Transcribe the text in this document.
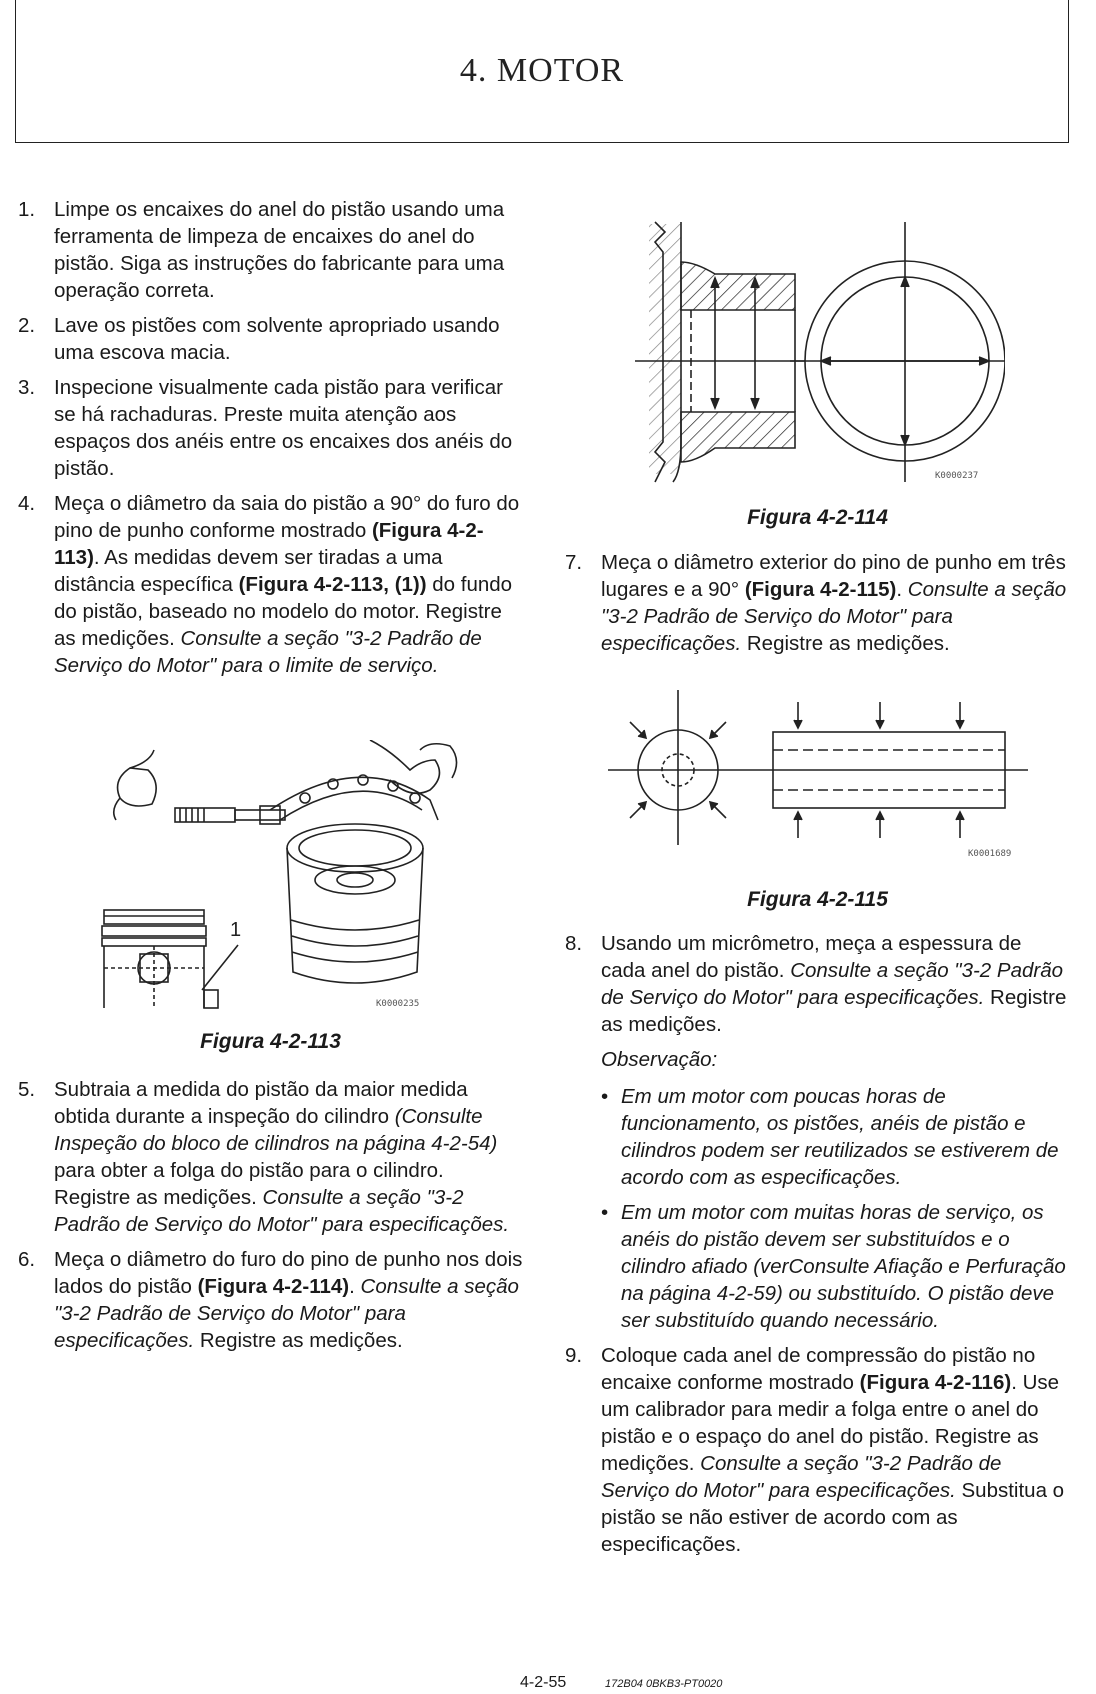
4. MOTOR
1. Limpe os encaixes do anel do pistão usando uma ferramenta de limpeza de encaixes do anel do pistão. Siga as instruções do fabricante para uma operação correta.
2. Lave os pistões com solvente apropriado usando uma escova macia.
3. Inspecione visualmente cada pistão para verificar se há rachaduras. Preste muita atenção aos espaços dos anéis entre os encaixes dos anéis do pistão.
4. Meça o diâmetro da saia do pistão a 90° do furo do pino de punho conforme mostrado (Figura 4-2-113). As medidas devem ser tiradas a uma distância específica (Figura 4-2-113, (1)) do fundo do pistão, baseado no modelo do motor. Registre as medições. Consulte a seção "3-2 Padrão de Serviço do Motor" para o limite de serviço.
1
K0000235
Figura 4-2-113
5. Subtraia a medida do pistão da maior medida obtida durante a inspeção do cilindro (Consulte Inspeção do bloco de cilindros na página 4-2-54) para obter a folga do pistão para o cilindro. Registre as medições. Consulte a seção "3-2 Padrão de Serviço do Motor" para especificações.
6. Meça o diâmetro do furo do pino de punho nos dois lados do pistão (Figura 4-2-114). Consulte a seção "3-2 Padrão de Serviço do Motor" para especificações. Registre as medições.
K0000237
Figura 4-2-114
7. Meça o diâmetro exterior do pino de punho em três lugares e a 90° (Figura 4-2-115). Consulte a seção "3-2 Padrão de Serviço do Motor" para especificações. Registre as medições.
K0001689
Figura 4-2-115
8. Usando um micrômetro, meça a espessura de cada anel do pistão. Consulte a seção "3-2 Padrão de Serviço do Motor" para especificações. Registre as medições.
Observação:
• Em um motor com poucas horas de funcionamento, os pistões, anéis de pistão e cilindros podem ser reutilizados se estiverem de acordo com as especificações.
• Em um motor com muitas horas de serviço, os anéis do pistão devem ser substituídos e o cilindro afiado (verConsulte Afiação e Perfuração na página 4-2-59) ou substituído. O pistão deve ser substituído quando necessário.
9. Coloque cada anel de compressão do pistão no encaixe conforme mostrado (Figura 4-2-116). Use um calibrador para medir a folga entre o anel do pistão e o espaço do anel do pistão. Registre as medições. Consulte a seção "3-2 Padrão de Serviço do Motor" para especificações. Substitua o pistão se não estiver de acordo com as especificações.
4-2-55	172B04 0BKB3-PT0020
